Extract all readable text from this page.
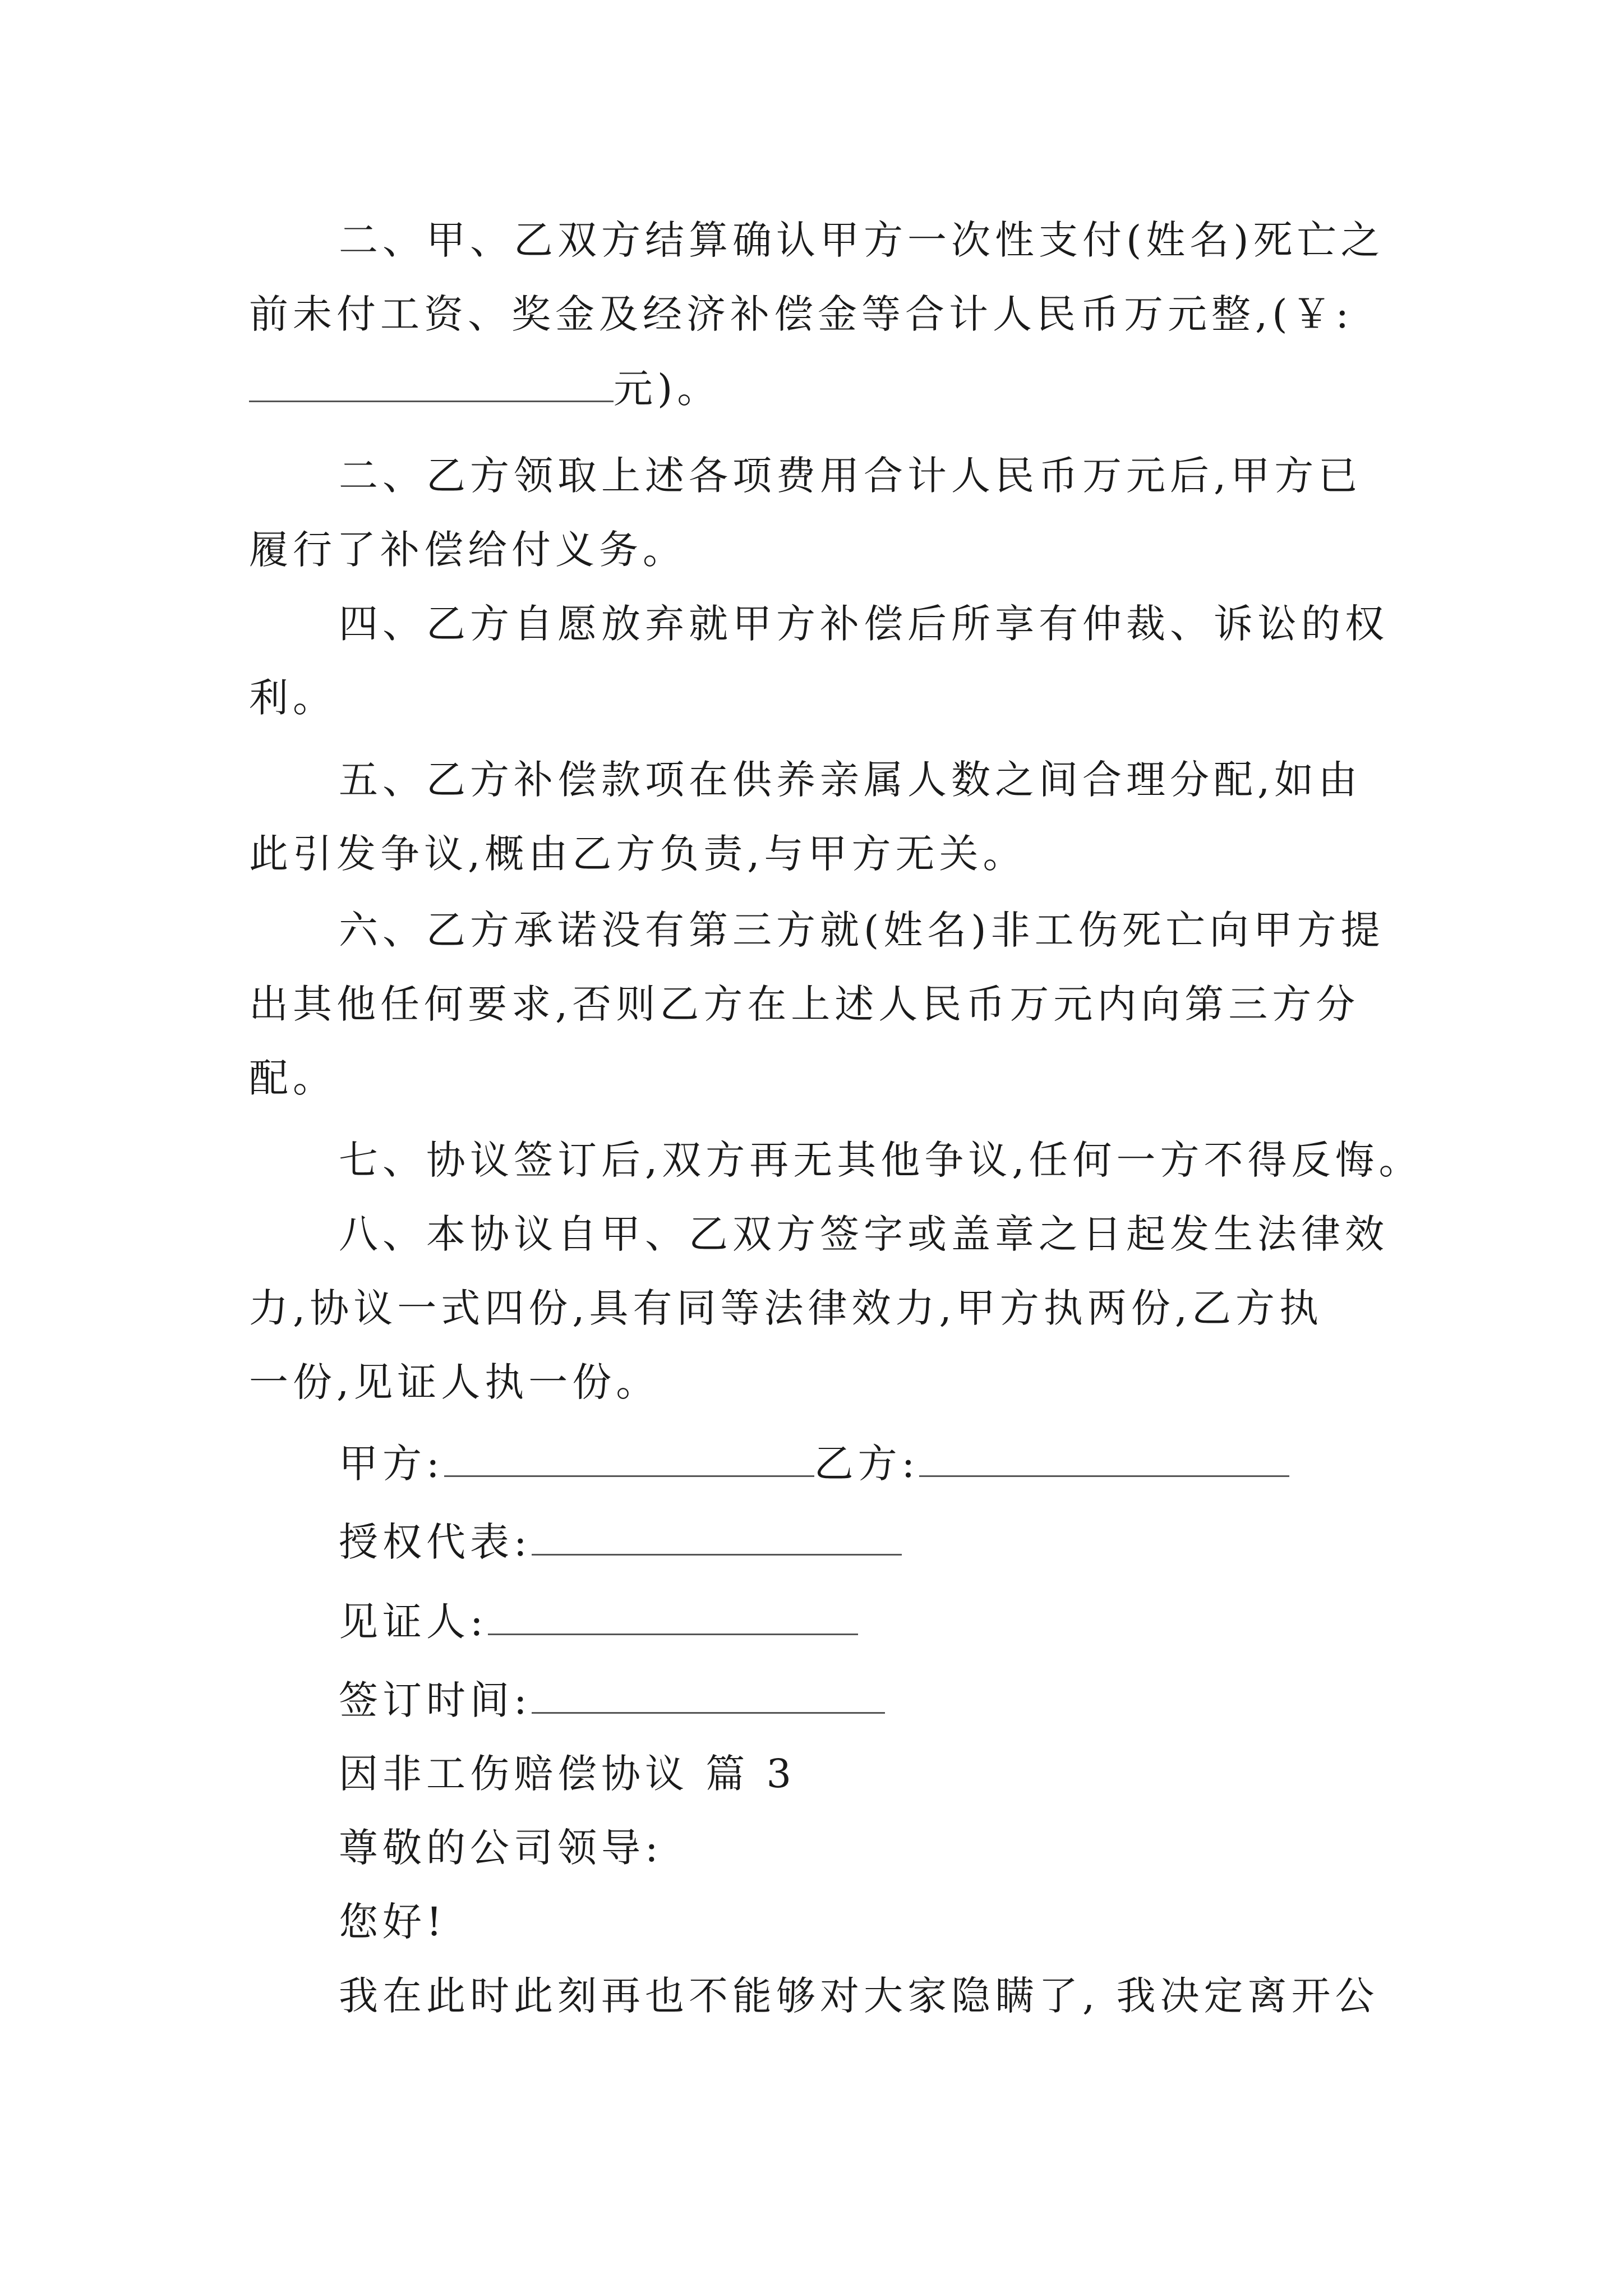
二、甲、乙双方结算确认甲方一次性支付(姓名)死亡之
前未付工资、奖金及经济补偿金等合计人民币万元整,(￥:
元)。
二、乙方领取上述各项费用合计人民币万元后,甲方已
履行了补偿给付义务。
四、乙方自愿放弃就甲方补偿后所享有仲裁、诉讼的权
利。
五、乙方补偿款项在供养亲属人数之间合理分配,如由
此引发争议,概由乙方负责,与甲方无关。
六、乙方承诺没有第三方就(姓名)非工伤死亡向甲方提
出其他任何要求,否则乙方在上述人民币万元内向第三方分
配。
七、协议签订后,双方再无其他争议,任何一方不得反悔。
八、本协议自甲、乙双方签字或盖章之日起发生法律效
力,协议一式四份,具有同等法律效力,甲方执两份,乙方执
一份,见证人执一份。
甲方:	乙方:
授权代表:
见证人:
签订时间:
因非工伤赔偿协议 篇 3
尊敬的公司领导:
您好!
我在此时此刻再也不能够对大家隐瞒了, 我决定离开公
